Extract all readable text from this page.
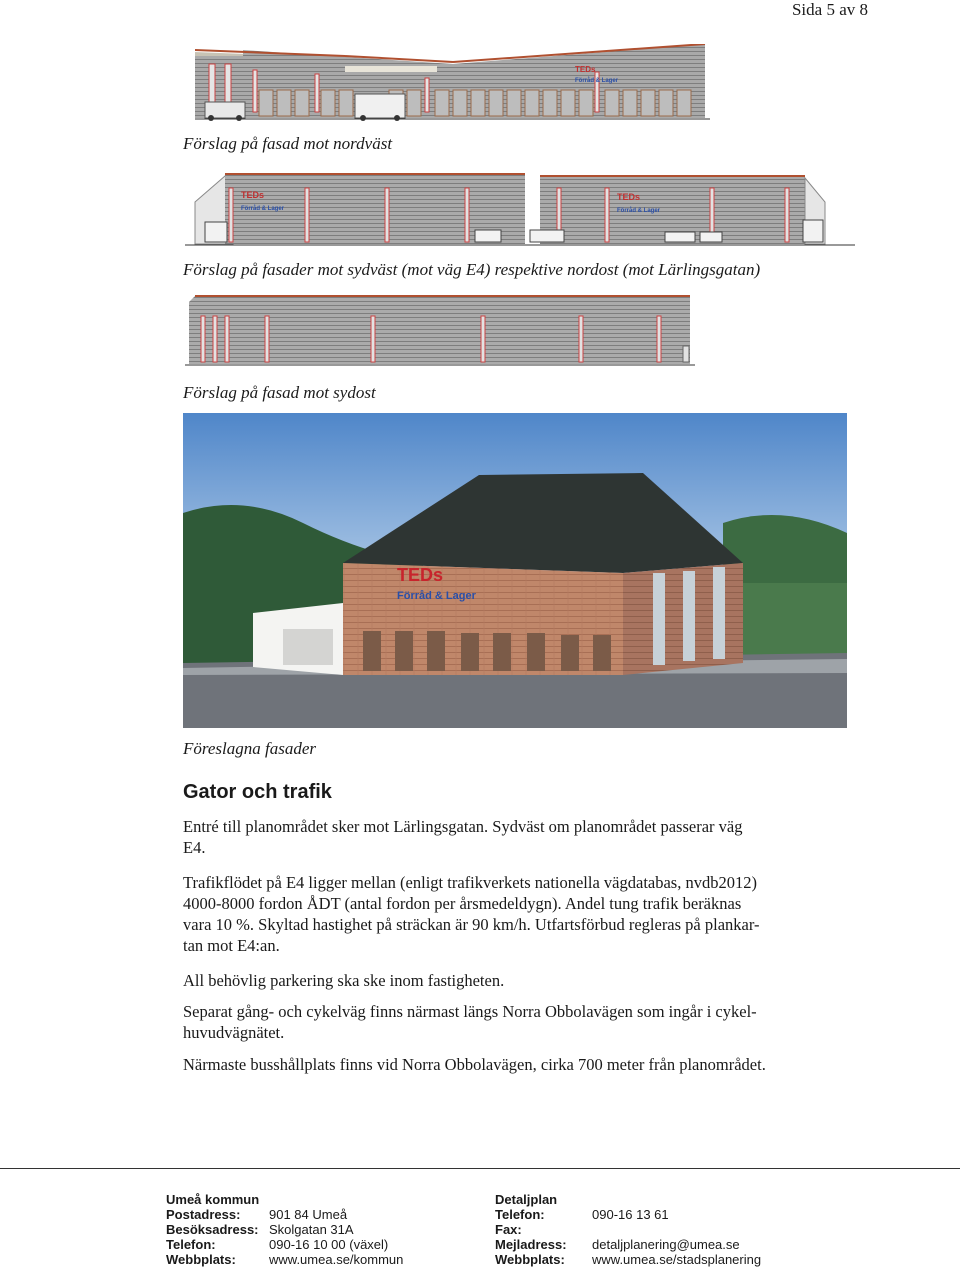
Sida 5 av 8
TEDs
Förråd & Lager
Förslag på fasad mot nordväst
TEDs
Förråd & Lager
TEDs
Förråd & Lager
Förslag på fasader mot sydväst (mot väg E4) respektive nordost (mot Lärlingsgatan)
Förslag på fasad mot sydost
TEDs
Förråd & Lager
Föreslagna fasader
Gator och trafik
Entré till planområdet sker mot Lärlingsgatan. Sydväst om planområdet passerar väg
E4.
Trafikflödet på E4 ligger mellan (enligt trafikverkets nationella vägdatabas, nvdb2012)
4000-8000 fordon ÅDT (antal fordon per årsmedeldygn). Andel tung trafik beräknas
vara 10 %. Skyltad hastighet på sträckan är 90 km/h. Utfartsförbud regleras på plankar-
tan mot E4:an.
All behövlig parkering ska ske inom fastigheten.
Separat gång- och cykelväg finns närmast längs Norra Obbolavägen som ingår i cykel-
huvudvägnätet.
Närmaste busshållplats finns vid Norra Obbolavägen, cirka 700 meter från planområdet.
Umeå kommun
Postadress:	901 84 Umeå
Besöksadress: Skolgatan 31A
Telefon:	090-16 10 00 (växel)
Webbplats:	www.umea.se/kommun
Detaljplan
Telefon:	090-16 13 61
Fax:
Mejladress:	detaljplanering@umea.se
Webbplats:	www.umea.se/stadsplanering
